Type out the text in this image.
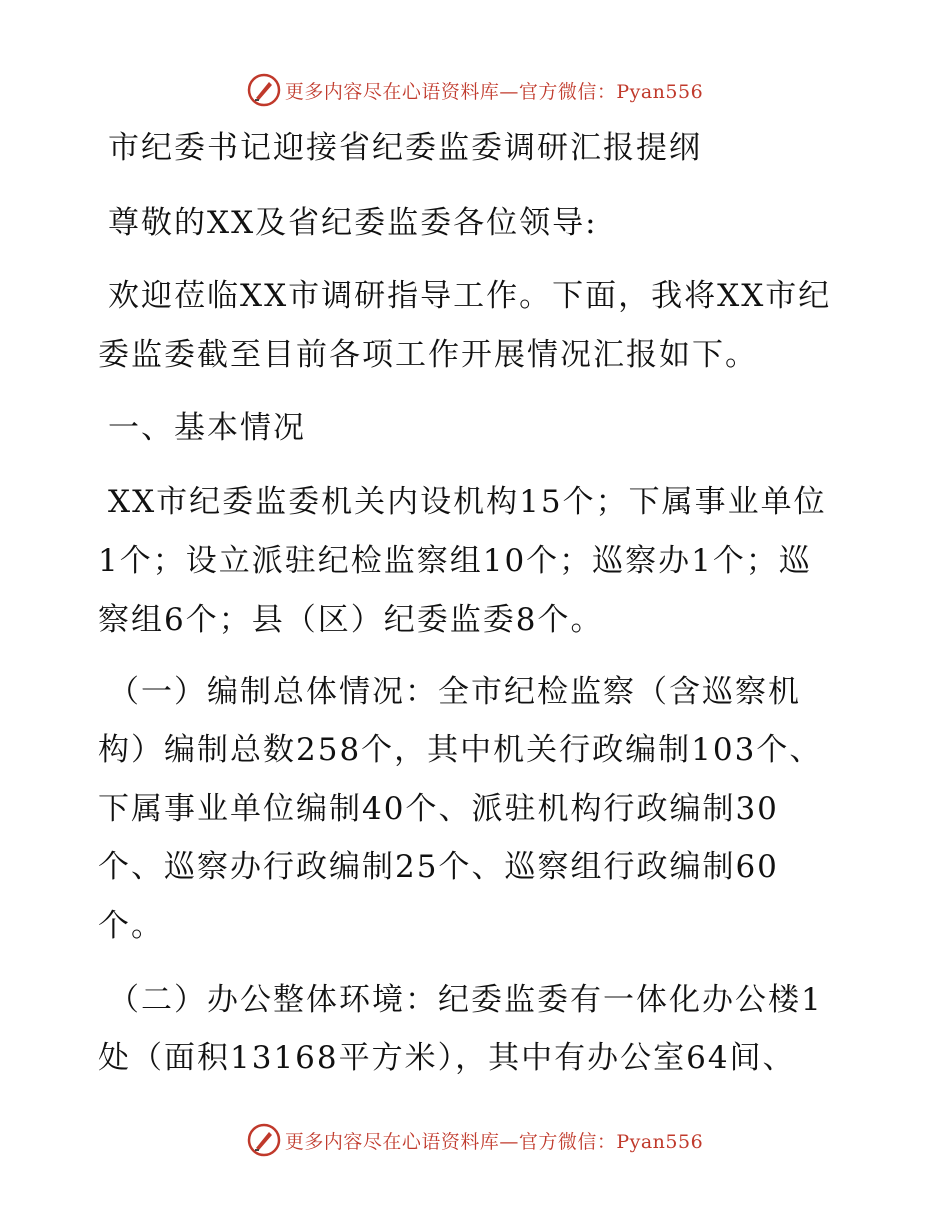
更多内容尽在心语资料库—官方微信：Pyan556
市纪委书记迎接省纪委监委调研汇报提纲
尊敬的XX及省纪委监委各位领导:
欢迎莅临XX市调研指导工作。下面，我将XX市纪
委监委截至目前各项工作开展情况汇报如下。
一、基本情况
XX市纪委监委机关内设机构15个；下属事业单位
1个；设立派驻纪检监察组10个；巡察办1个；巡
察组6个；县（区）纪委监委8个。
（一）编制总体情况：全市纪检监察（含巡察机
构）编制总数258个，其中机关行政编制103个、
下属事业单位编制40个、派驻机构行政编制30
个、巡察办行政编制25个、巡察组行政编制60
个。
（二）办公整体环境：纪委监委有一体化办公楼1
处（面积13168平方米），其中有办公室64间、
更多内容尽在心语资料库—官方微信：Pyan556
